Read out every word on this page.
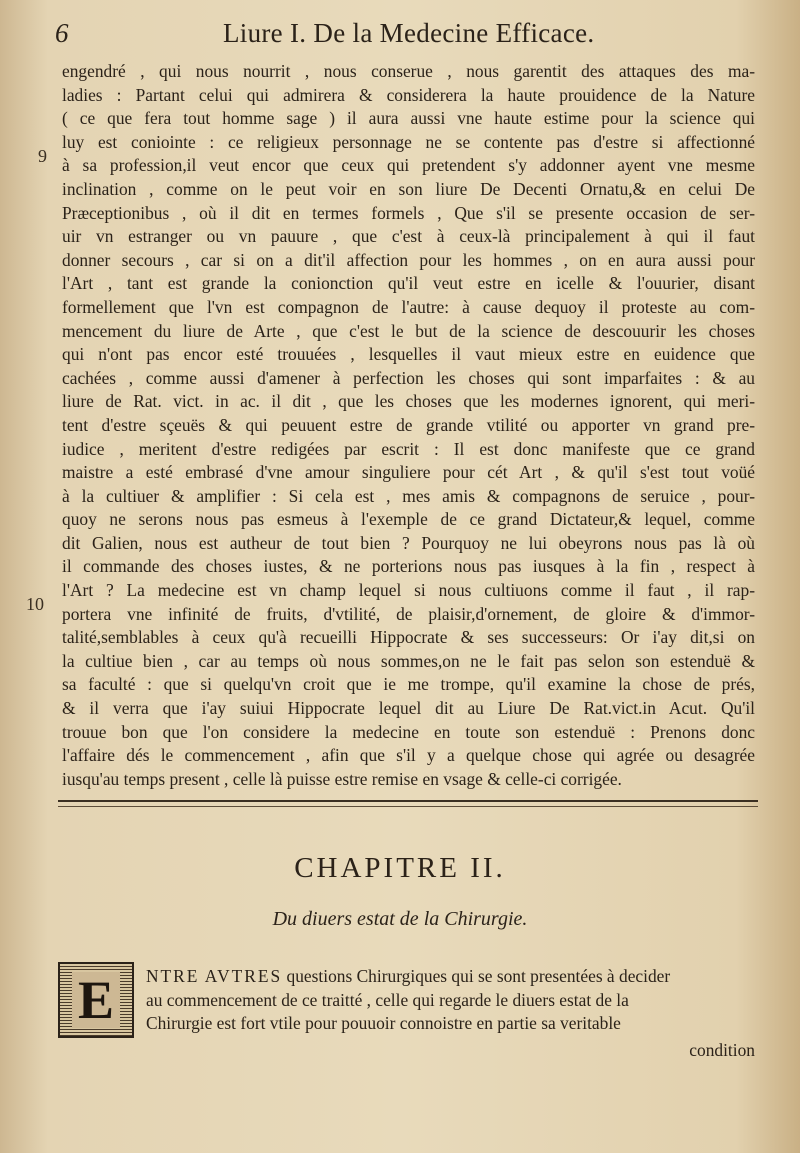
6	Liure I. De la Medecine Efficace.
9
10

engendré , qui nous nourrit , nous conserue , nous garentit des attaques des ma-

ladies : Partant celui qui admirera & considerera la haute prouidence de la Nature

( ce que fera tout homme sage ) il aura aussi vne haute estime pour la science qui

luy est coniointe : ce religieux personnage ne se contente pas d'estre si affectionné

à sa profession,il veut encor que ceux qui pretendent s'y addonner ayent vne mesme

inclination , comme on le peut voir en son liure De Decenti Ornatu,& en celui De

Præceptionibus , où il dit en termes formels , Que s'il se presente occasion de ser-

uir vn estranger ou vn pauure , que c'est à ceux-là principalement à qui il faut

donner secours , car si on a dit'il affection pour les hommes , on en aura aussi pour

l'Art , tant est grande la conionction qu'il veut estre en icelle & l'ouurier, disant

formellement que l'vn est compagnon de l'autre: à cause dequoy il proteste au com-

mencement du liure de Arte , que c'est le but de la science de descouurir les choses

qui n'ont pas encor esté trouuées , lesquelles il vaut mieux estre en euidence que

cachées , comme aussi d'amener à perfection les choses qui sont imparfaites : & au

liure de Rat. vict. in ac. il dit , que les choses que les modernes ignorent, qui meri-

tent d'estre sçeuës & qui peuuent estre de grande vtilité ou apporter vn grand pre-

iudice , meritent d'estre redigées par escrit : Il est donc manifeste que ce grand

maistre a esté embrasé d'vne amour singuliere pour cét Art , & qu'il s'est tout voüé

à la cultiuer & amplifier : Si cela est , mes amis & compagnons de seruice , pour-

quoy ne serons nous pas esmeus à l'exemple de ce grand Dictateur,& lequel, comme

dit Galien, nous est autheur de tout bien ? Pourquoy ne lui obeyrons nous pas là où

il commande des choses iustes, & ne porterions nous pas iusques à la fin , respect à

l'Art ? La medecine est vn champ lequel si nous cultiuons comme il faut , il rap-

portera vne infinité de fruits, d'vtilité, de plaisir,d'ornement, de gloire & d'immor-

talité,semblables à ceux qu'à recueilli Hippocrate & ses successeurs: Or i'ay dit,si on

la cultiue bien , car au temps où nous sommes,on ne le fait pas selon son estenduë &

sa faculté : que si quelqu'vn croit que ie me trompe, qu'il examine la chose de prés,

& il verra que i'ay suiui Hippocrate lequel dit au Liure De Rat.vict.in Acut. Qu'il

trouue bon que l'on considere la medecine en toute son estenduë : Prenons donc

l'affaire dés le commencement , afin que s'il y a quelque chose qui agrée ou desagrée

iusqu'au temps present , celle là puisse estre remise en vsage & celle-ci corrigée.

CHAPITRE II.
Du diuers estat de la Chirurgie.
E	NTRE AVTRES questions Chirurgiques qui se sont presentées à decider

au commencement de ce traitté , celle qui regarde le diuers estat de la

Chirurgie est fort vtile pour pouuoir connoistre en partie sa veritable

condition
